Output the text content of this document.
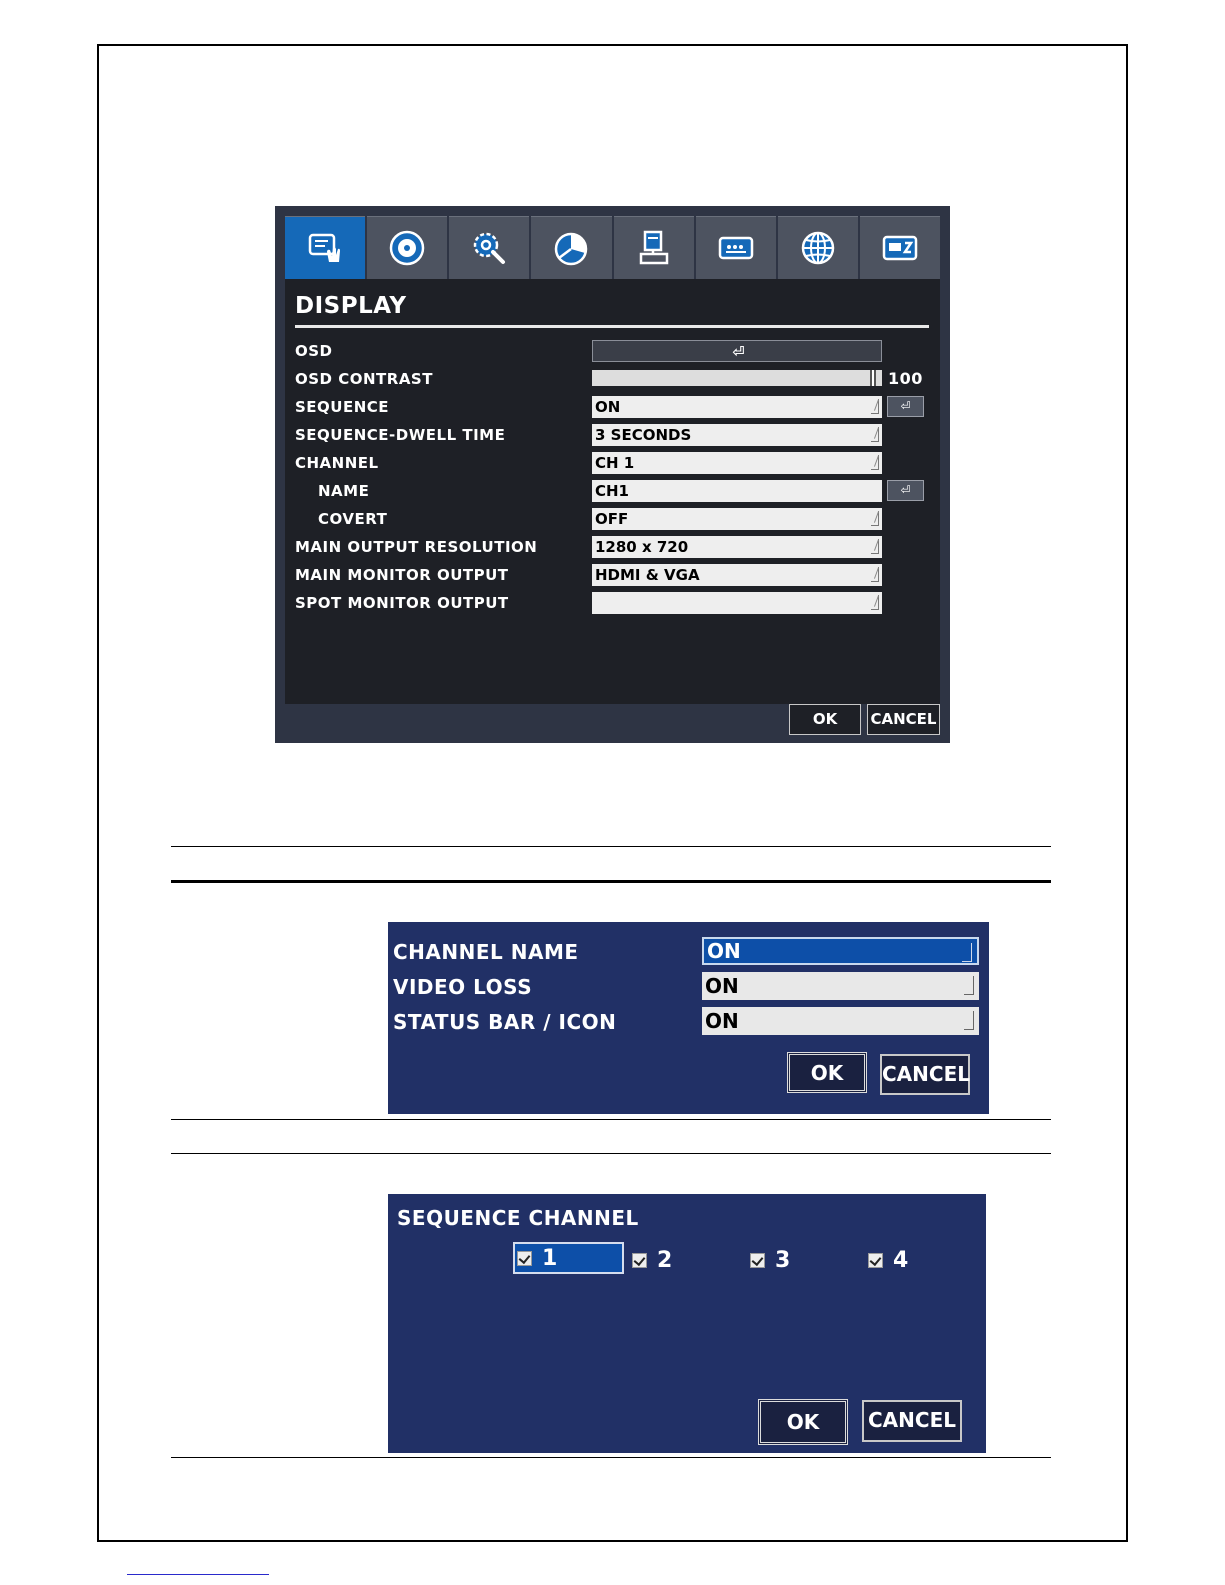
DISPLAY
OSD	⏎
OSD CONTRAST	100
SEQUENCE	ON	⏎
SEQUENCE-DWELL TIME	3 SECONDS
CHANNEL	CH 1
NAME	CH1	⏎
COVERT	OFF
MAIN OUTPUT RESOLUTION	1280 x 720
MAIN MONITOR OUTPUT	HDMI & VGA
SPOT MONITOR OUTPUT
OK	CANCEL
CHANNEL NAME	ON
VIDEO LOSS	ON
STATUS BAR / ICON	ON
OK	CANCEL
SEQUENCE CHANNEL
1	2	3	4
OK	CANCEL
